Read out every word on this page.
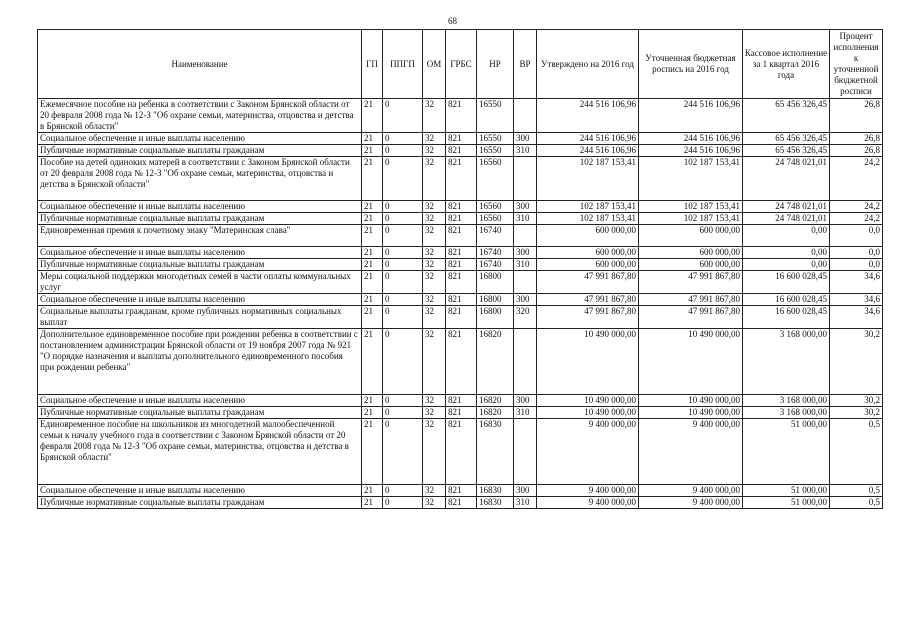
68
Наименование	ГП	ППГП	ОМ	ГРБС	НР	ВР	Утверждено на 2016 год	Уточненная бюджетная роспись на 2016 год	Кассовое исполнение за 1 квартал 2016 года	Процент исполнения к уточненной бюджетной росписи
Ежемесячное пособие на ребенка в соответствии с Законом Брянской области от 20 февраля 2008 года № 12-З "Об охране семьи, материнства, отцовства и детства в Брянской области"	21	0	32	821	16550		244 516 106,96	244 516 106,96	65 456 326,45	26,8
Социальное обеспечение и иные выплаты населению	21	0	32	821	16550	300	244 516 106,96	244 516 106,96	65 456 326,45	26,8
Публичные нормативные социальные выплаты гражданам	21	0	32	821	16550	310	244 516 106,96	244 516 106,96	65 456 326,45	26,8
Пособие на детей одиноких матерей в соответствии с Законом Брянской области от 20 февраля 2008 года № 12-З "Об охране семьи, материнства, отцовства и детства в Брянской области"	21	0	32	821	16560		102 187 153,41	102 187 153,41	24 748 021,01	24,2
Социальное обеспечение и иные выплаты населению	21	0	32	821	16560	300	102 187 153,41	102 187 153,41	24 748 021,01	24,2
Публичные нормативные социальные выплаты гражданам	21	0	32	821	16560	310	102 187 153,41	102 187 153,41	24 748 021,01	24,2
Единовременная премия к почетному знаку "Материнская слава"	21	0	32	821	16740		600 000,00	600 000,00	0,00	0,0
Социальное обеспечение и иные выплаты населению	21	0	32	821	16740	300	600 000,00	600 000,00	0,00	0,0
Публичные нормативные социальные выплаты гражданам	21	0	32	821	16740	310	600 000,00	600 000,00	0,00	0,0
Меры социальной поддержки многодетных семей в части оплаты коммунальных услуг	21	0	32	821	16800		47 991 867,80	47 991 867,80	16 600 028,45	34,6
Социальное обеспечение и иные выплаты населению	21	0	32	821	16800	300	47 991 867,80	47 991 867,80	16 600 028,45	34,6
Социальные выплаты гражданам, кроме публичных нормативных социальных выплат	21	0	32	821	16800	320	47 991 867,80	47 991 867,80	16 600 028,45	34,6
Дополнительное единовременное пособие при рождении ребенка в соответствии с постановлением администрации Брянской области от 19 ноября 2007 года № 921 "О порядке назначения и выплаты дополнительного единовременного пособия при рождении ребенка"	21	0	32	821	16820		10 490 000,00	10 490 000,00	3 168 000,00	30,2
Социальное обеспечение и иные выплаты населению	21	0	32	821	16820	300	10 490 000,00	10 490 000,00	3 168 000,00	30,2
Публичные нормативные социальные выплаты гражданам	21	0	32	821	16820	310	10 490 000,00	10 490 000,00	3 168 000,00	30,2
Единовременное пособие на школьников из многодетной малообеспеченной семьи к началу учебного года в соответствии с Законом Брянской области от 20 февраля 2008 года № 12-З "Об охране семьи, материнства, отцовства и детства в Брянской области"	21	0	32	821	16830		9 400 000,00	9 400 000,00	51 000,00	0,5
Социальное обеспечение и иные выплаты населению	21	0	32	821	16830	300	9 400 000,00	9 400 000,00	51 000,00	0,5
Публичные нормативные социальные выплаты гражданам	21	0	32	821	16830	310	9 400 000,00	9 400 000,00	51 000,00	0,5
